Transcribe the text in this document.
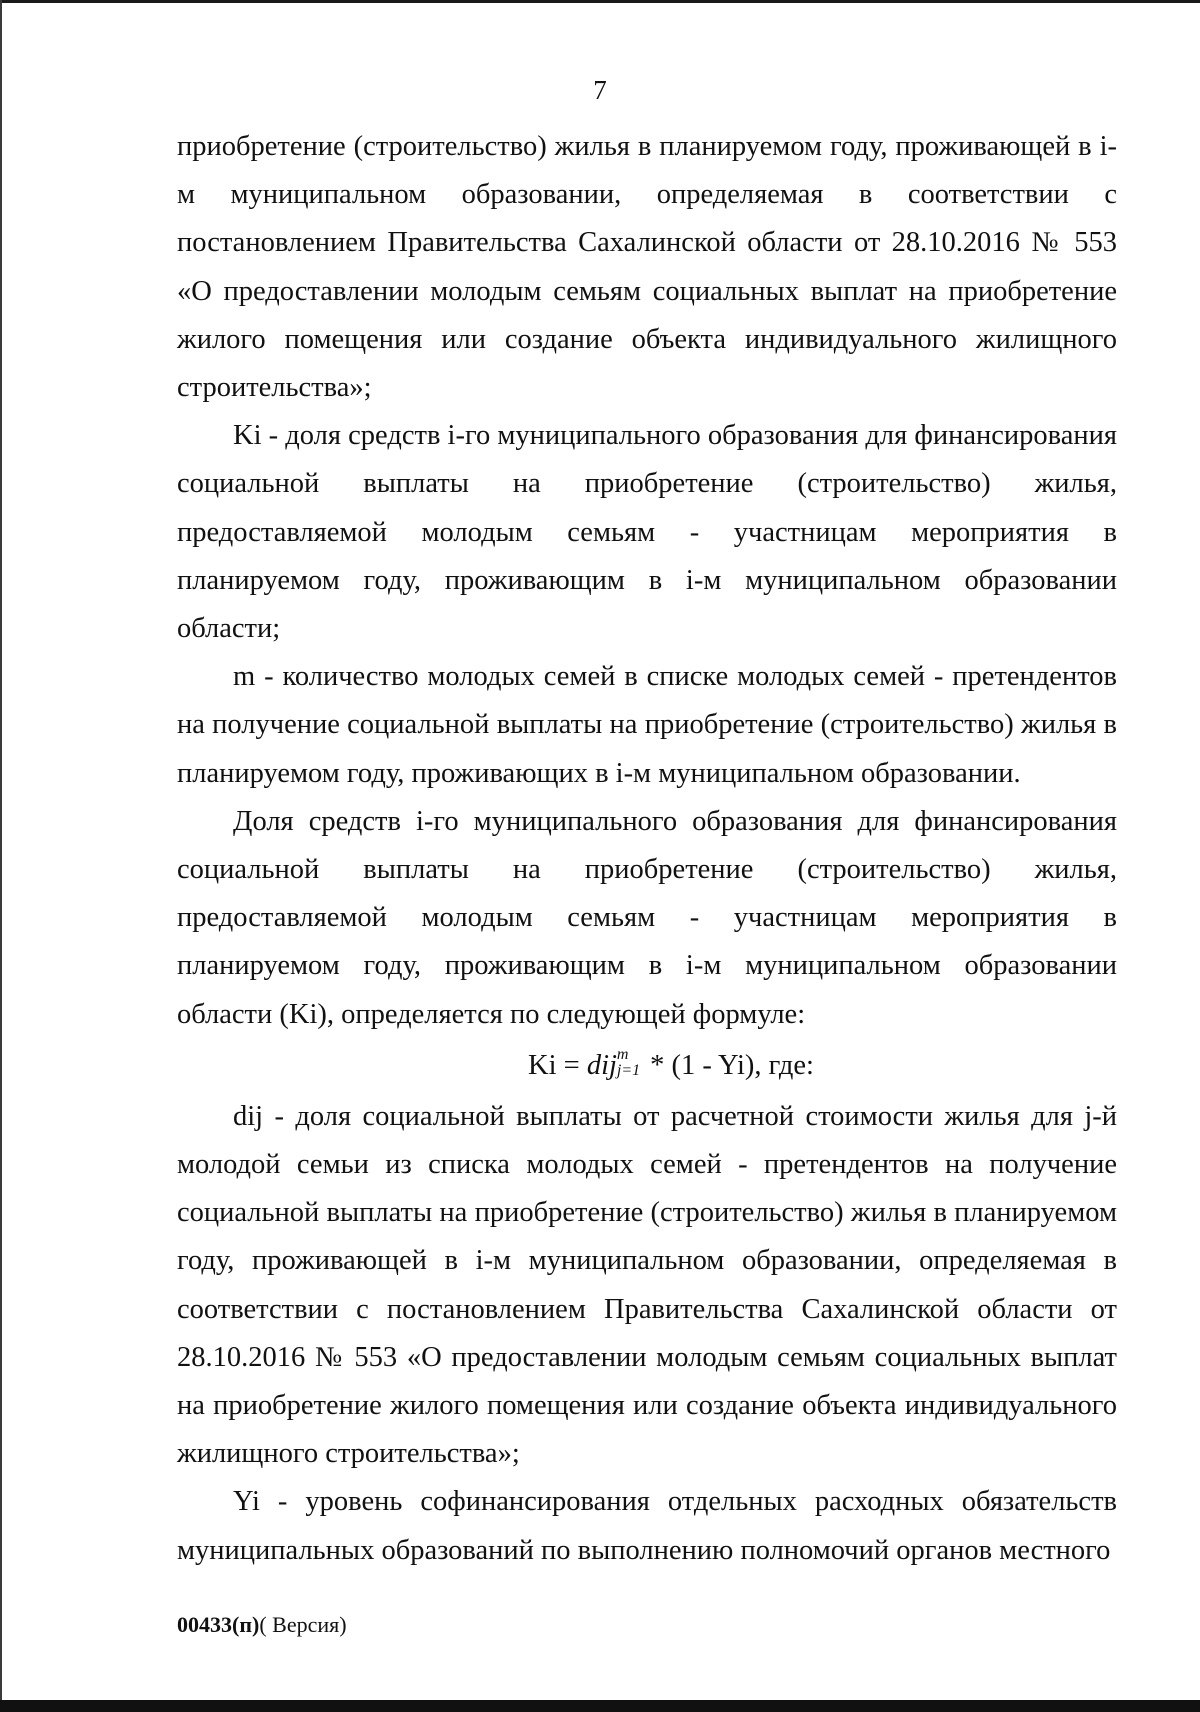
7

приобретение (строительство) жилья в планируемом году, проживающей в i-м муниципальном образовании, определяемая в соответствии с постановлением Правительства Сахалинской области от 28.10.2016 № 553 «О предоставлении молодым семьям социальных выплат на приобретение жилого помещения или создание объекта индивидуального жилищного строительства»;

Ki - доля средств i-го муниципального образования для финансирования социальной выплаты на приобретение (строительство) жилья, предоставляемой молодым семьям - участницам мероприятия в планируемом году, проживающим в i-м муниципальном образовании области;

m - количество молодых семей в списке молодых семей - претендентов на получение социальной выплаты на приобретение (строительство) жилья в планируемом году, проживающих в i-м муниципальном образовании.

Доля средств i-го муниципального образования для финансирования социальной выплаты на приобретение (строительство) жилья, предоставляемой молодым семьям - участницам мероприятия в планируемом году, проживающим в i-м муниципальном образовании области (Ki), определяется по следующей формуле:

Ki = dij m
j=1 * (1 - Yi), где:

dij - доля социальной выплаты от расчетной стоимости жилья для j-й молодой семьи из списка молодых семей - претендентов на получение социальной выплаты на приобретение (строительство) жилья в планируемом году, проживающей в i-м муниципальном образовании, определяемая в соответствии с постановлением Правительства Сахалинской области от 28.10.2016 № 553 «О предоставлении молодым семьям социальных выплат на приобретение жилого помещения или создание объекта индивидуального жилищного строительства»;

Yi - уровень софинансирования отдельных расходных обязательств муниципальных образований по выполнению полномочий органов местного

00433(п)( Версия)
